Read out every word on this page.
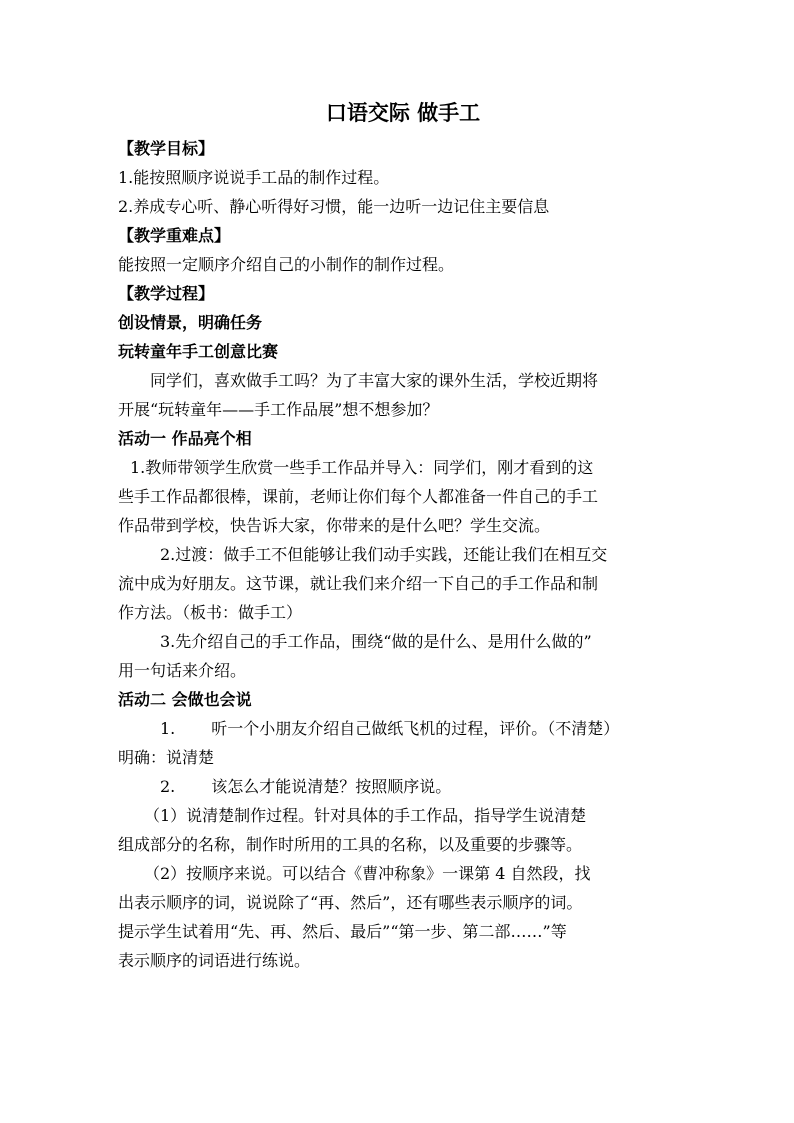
口语交际 做手工
【教学目标】
1.能按照顺序说说手工品的制作过程。
2.养成专心听、静心听得好习惯，能一边听一边记住主要信息
【教学重难点】
能按照一定顺序介绍自己的小制作的制作过程。
【教学过程】
创设情景，明确任务
玩转童年手工创意比赛
同学们，喜欢做手工吗？为了丰富大家的课外生活，学校近期将
开展“玩转童年——手工作品展”想不想参加？
活动一 作品亮个相
1.教师带领学生欣赏一些手工作品并导入：同学们，刚才看到的这
些手工作品都很棒，课前，老师让你们每个人都准备一件自己的手工
作品带到学校，快告诉大家，你带来的是什么吧？学生交流。
2.过渡：做手工不但能够让我们动手实践，还能让我们在相互交
流中成为好朋友。这节课，就让我们来介绍一下自己的手工作品和制
作方法。（板书：做手工）
3.先介绍自己的手工作品，围绕“做的是什么、是用什么做的”
用一句话来介绍。
活动二 会做也会说
1. 听一个小朋友介绍自己做纸飞机的过程，评价。（不清楚）
明确：说清楚
2. 该怎么才能说清楚？按照顺序说。
（1）说清楚制作过程。针对具体的手工作品，指导学生说清楚
组成部分的名称，制作时所用的工具的名称，以及重要的步骤等。
（2）按顺序来说。可以结合《曹冲称象》一课第 4 自然段，找
出表示顺序的词，说说除了“再、然后”，还有哪些表示顺序的词。
提示学生试着用“先、再、然后、最后”“第一步、第二部……”等
表示顺序的词语进行练说。
